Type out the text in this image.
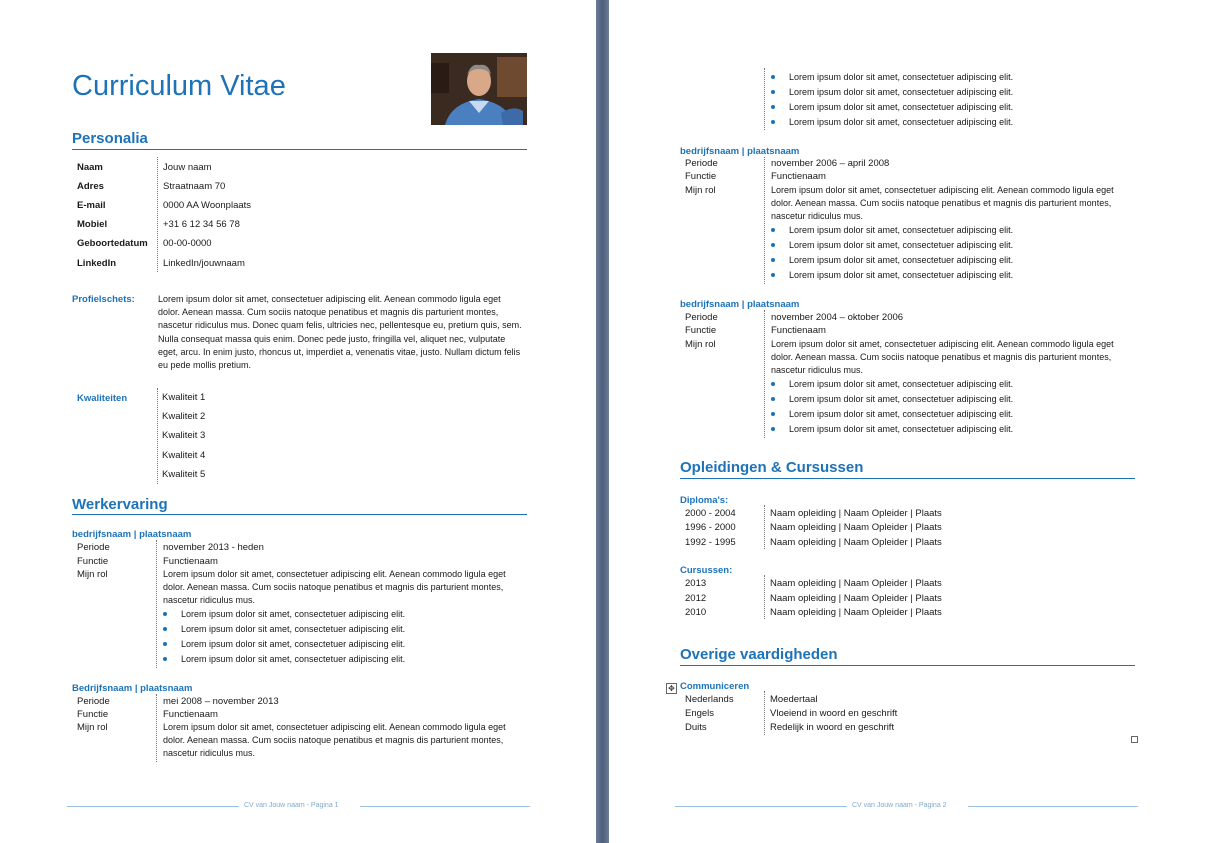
Curriculum Vitae
Personalia
Naam	Jouw naam
Adres	Straatnaam 70
E-mail	0000 AA Woonplaats
Mobiel	+31 6 12 34 56 78
Geboortedatum 00-00-0000
LinkedIn	LinkedIn/jouwnaam
Profielschets:	Lorem ipsum dolor sit amet, consectetuer adipiscing elit. Aenean commodo ligula eget dolor. Aenean massa. Cum sociis natoque penatibus et magnis dis parturient montes, nascetur ridiculus mus. Donec quam felis, ultricies nec, pellentesque eu, pretium quis, sem. Nulla consequat massa quis enim. Donec pede justo, fringilla vel, aliquet nec, vulputate eget, arcu. In enim justo, rhoncus ut, imperdiet a, venenatis vitae, justo. Nullam dictum felis eu pede mollis pretium.
Kwaliteiten	Kwaliteit 1
Kwaliteit 2
Kwaliteit 3
Kwaliteit 4
Kwaliteit 5
Werkervaring
bedrijfsnaam | plaatsnaam
Periode	november 2013 - heden
Functie	Functienaam
Mijn rol	Lorem ipsum dolor sit amet, consectetuer adipiscing elit. Aenean commodo ligula eget dolor. Aenean massa. Cum sociis natoque penatibus et magnis dis parturient montes, nascetur ridiculus mus.
Lorem ipsum dolor sit amet, consectetuer adipiscing elit.
Lorem ipsum dolor sit amet, consectetuer adipiscing elit.
Lorem ipsum dolor sit amet, consectetuer adipiscing elit.
Lorem ipsum dolor sit amet, consectetuer adipiscing elit.
Bedrijfsnaam | plaatsnaam
Periode	mei 2008 – november 2013
Functie	Functienaam
Mijn rol	Lorem ipsum dolor sit amet, consectetuer adipiscing elit. Aenean commodo ligula eget dolor. Aenean massa. Cum sociis natoque penatibus et magnis dis parturient montes, nascetur ridiculus mus.
CV van Jouw naam - Pagina 1
Lorem ipsum dolor sit amet, consectetuer adipiscing elit.
Lorem ipsum dolor sit amet, consectetuer adipiscing elit.
Lorem ipsum dolor sit amet, consectetuer adipiscing elit.
Lorem ipsum dolor sit amet, consectetuer adipiscing elit.
bedrijfsnaam | plaatsnaam
Periode	november 2006 – april 2008
Functie	Functienaam
Mijn rol	Lorem ipsum dolor sit amet, consectetuer adipiscing elit. Aenean commodo ligula eget dolor. Aenean massa. Cum sociis natoque penatibus et magnis dis parturient montes, nascetur ridiculus mus.
Lorem ipsum dolor sit amet, consectetuer adipiscing elit.
Lorem ipsum dolor sit amet, consectetuer adipiscing elit.
Lorem ipsum dolor sit amet, consectetuer adipiscing elit.
Lorem ipsum dolor sit amet, consectetuer adipiscing elit.
bedrijfsnaam | plaatsnaam
Periode	november 2004 – oktober 2006
Functie	Functienaam
Mijn rol	Lorem ipsum dolor sit amet, consectetuer adipiscing elit. Aenean commodo ligula eget dolor. Aenean massa. Cum sociis natoque penatibus et magnis dis parturient montes, nascetur ridiculus mus.
Lorem ipsum dolor sit amet, consectetuer adipiscing elit.
Lorem ipsum dolor sit amet, consectetuer adipiscing elit.
Lorem ipsum dolor sit amet, consectetuer adipiscing elit.
Lorem ipsum dolor sit amet, consectetuer adipiscing elit.
Opleidingen & Cursussen
Diploma's:
2000 - 2004	Naam opleiding | Naam Opleider | Plaats
1996 - 2000	Naam opleiding | Naam Opleider | Plaats
1992 - 1995	Naam opleiding | Naam Opleider | Plaats
Cursussen:
2013	Naam opleiding | Naam Opleider | Plaats
2012	Naam opleiding | Naam Opleider | Plaats
2010	Naam opleiding | Naam Opleider | Plaats
Overige vaardigheden
✥ Communiceren
Nederlands	Moedertaal
Engels	Vloeiend in woord en geschrift
Duits	Redelijk in woord en geschrift
CV van Jouw naam - Pagina 2
